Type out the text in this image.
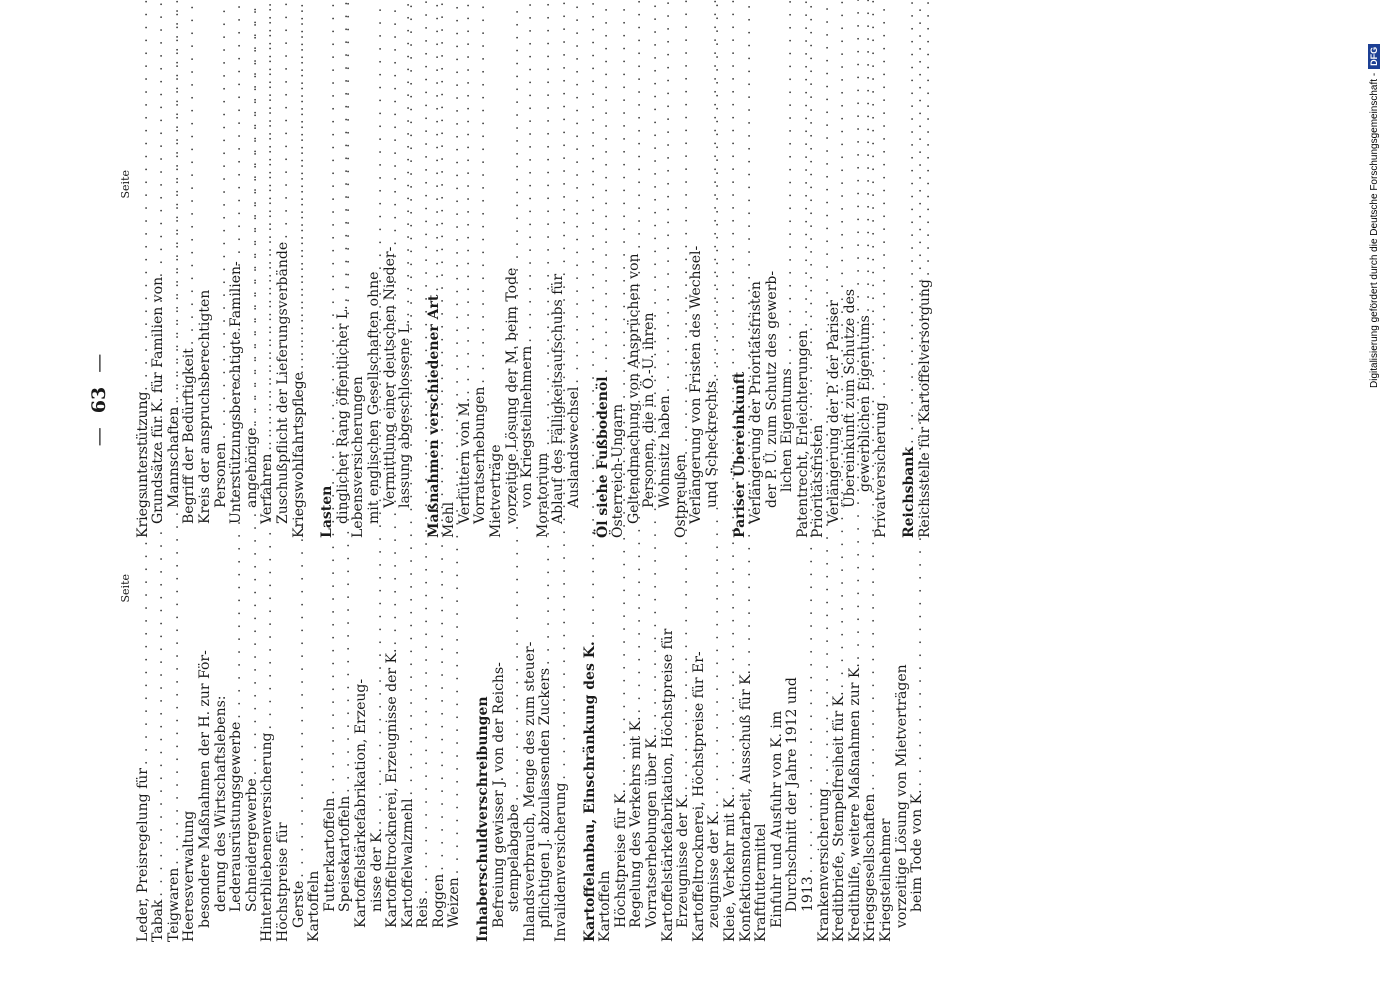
—63—
Seite
Leder, Preisregelung für
. . . Tabak
. . . Teigwaren
. . . Heeresverwaltung besondere Maßnahmen der H. zur För- derung des Wirtschaftslebens: Lederausrüstungsgewerbe
. . . Schneidergewerbe
. . . Hinterbliebenenversicherung
. . . Höchstpreise für Gerste
. . . Kartoffeln Futterkartoffeln
. . . Speisekartoffeln
. . . Kartoffelstärkefabrikation, Erzeug- nisse der K. . . . Kartoffeltrocknerei, Erzeugnisse der K.
. . . Kartoffelwalzmehl
. . . Reis
. . . Roggen
. . . Weizen . . . Inhaberschuldverschreibungen Befreiung gewisser J. von der Reichs- stempelabgabe . . . Inlandsverbrauch, Menge des zum steuer- pflichtigen J. abzulassenden Zuckers
. . . Invalidenversicherung
. . . Kartoffelanbau, Einschränkung des K.
. . . Kartoffeln Höchstpreise für K.
. . . Regelung des Verkehrs mit K.
. . . Vorratserhebungen über K.
. . . Kartoffelstärkefabrikation, Höchstpreise für Erzeugnisse der K.
. . . Kartoffeltrocknerei, Höchstpreise für Er- zeugnisse der K.
. . . Kleie, Verkehr mit K.
. . . Konfektionsnotarbeit, Ausschuß für K.
. . . Kraftfuttermittel Einfuhr und Ausfuhr von K. im Durchschnitt der Jahre 1912 und 1913 . . . Krankenversicherung
. . . Kreditbriefe, Stempelfreiheit für K.
. . . Kredithilfe, weitere Maßnahmen zur K.
. . . Kriegsgesellschaften
. . . Kriegsteilnehmer vorzeitige Lösung von Mietverträgen beim Tode von K.
. . .
Seite
Kriegsunterstützung Grundsätze für K. für Familien von Mannschaften
. . . Begriff der Bedürftigkeit
. . . Kreis der anspruchsberechtigten Personen . . . Unterstützungsberechtigte Familien- angehörige
. . . Verfahren . . . Zuschußpflicht der Lieferungsverbände
. . . Kriegswohlfahrtspflege
. . . Lasten dinglicher Rang öffentlicher L.
. . . Lebensversicherungen mit englischen Gesellschaften ohne Vermittlung einer deutschen Nieder- lassung abgeschlossene L.
. . . Maßnahmen verschiedener Art
. . . Mehl Verfüttern von M.
. . . Vorratserhebungen
. . . Mietverträge vorzeitige Lösung der M. beim Tode von Kriegsteilnehmern
. . . Moratorium Ablauf des Fälligkeitsaufschubs für Auslandswechsel
. . . Öl siehe Fußbodenöl
. . . Österreich-Ungarn Geltendmachung von Ansprüchen von Personen, die in Ö.-U. ihren Wohnsitz haben
. . . Ostpreußen Verlängerung von Fristen des Wechsel- und Scheckrechts
. . . Pariser Übereinkunft Verlängerung der Prioritätsfristen der P. Ü. zum Schutz des gewerb- lichen Eigentums
. . . Patentrecht, Erleichterungen
. . . Prioritätsfristen Verlängerung der P. der Pariser Übereinkunft zum Schutze des gewerblichen Eigentums
. . . Privatversicherung
. . . Reichsbank . . . Reichsstelle für Kartoffelversorgung
. . .
Digitalisierung gefördert durch die Deutsche Forschungsgemeinschaft -DFG
